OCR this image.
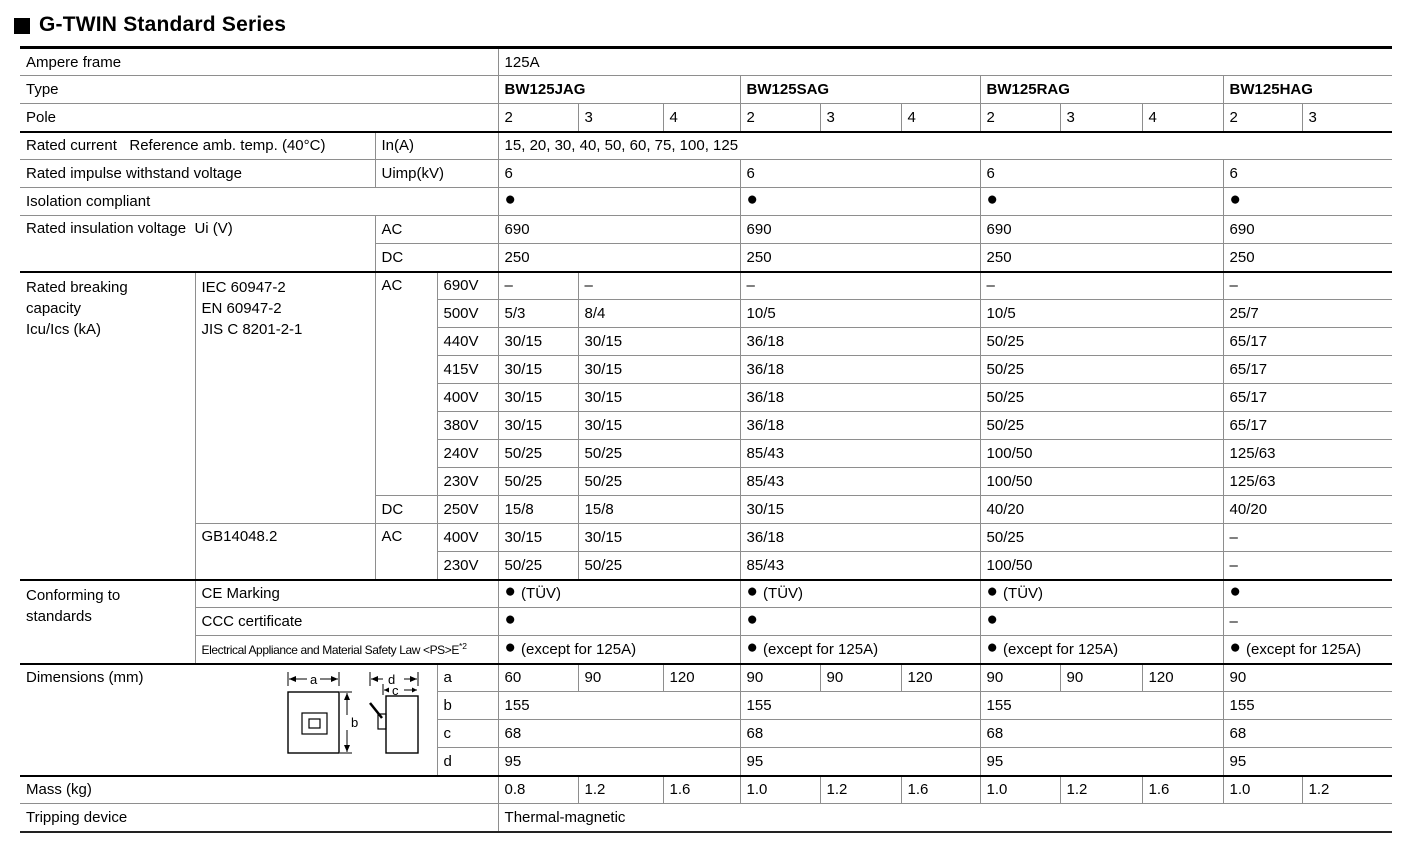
G-TWIN Standard Series
Ampere frame				125A										
Type				BW125JAG			BW125SAG			BW125RAG			BW125HAG	
Pole				2	3	4	2	3	4	2	3	4	2	3
Rated current   Reference amb. temp. (40°C)		In(A)		15, 20, 30, 40, 50, 60, 75, 100, 125										
Rated impulse withstand voltage		Uimp(kV)		6			6			6			6	
Isolation compliant				●			●			●			●	
Rated insulation voltage  Ui (V)		AC		690			690			690			690	
		DC		250			250			250			250	
Rated breaking
capacity
Icu/Ics (kA)	IEC 60947-2
EN 60947-2
JIS C 8201-2-1	AC	690V	–	–		–			–			–	
			500V	5/3	8/4		10/5			10/5			25/7	
			440V	30/15	30/15		36/18			50/25			65/17	
			415V	30/15	30/15		36/18			50/25			65/17	
			400V	30/15	30/15		36/18			50/25			65/17	
			380V	30/15	30/15		36/18			50/25			65/17	
			240V	50/25	50/25		85/43			100/50			125/63	
			230V	50/25	50/25		85/43			100/50			125/63	
		DC	250V	15/8	15/8		30/15			40/20			40/20	
	GB14048.2	AC	400V	30/15	30/15		36/18			50/25			–	
			230V	50/25	50/25		85/43			100/50			–	
Conforming to
standards	CE Marking			● (TÜV)			● (TÜV)			● (TÜV)			●	
	CCC certificate			●			●			●			–	
	Electrical Appliance and Material Safety Law $<PS>E^{*2}$			● (except for 125A)			● (except for 125A)			● (except for 125A)			● (except for 125A)	
Dimensions (mm) a
b
d
c			a	60	90	120	90	90	120	90	90	120	90	
			b	155			155			155			155	
			c	68			68			68			68	
			d	95			95			95			95	
Mass (kg)				0.8	1.2	1.6	1.0	1.2	1.6	1.0	1.2	1.6	1.0	1.2
Tripping device				Thermal-magnetic										
